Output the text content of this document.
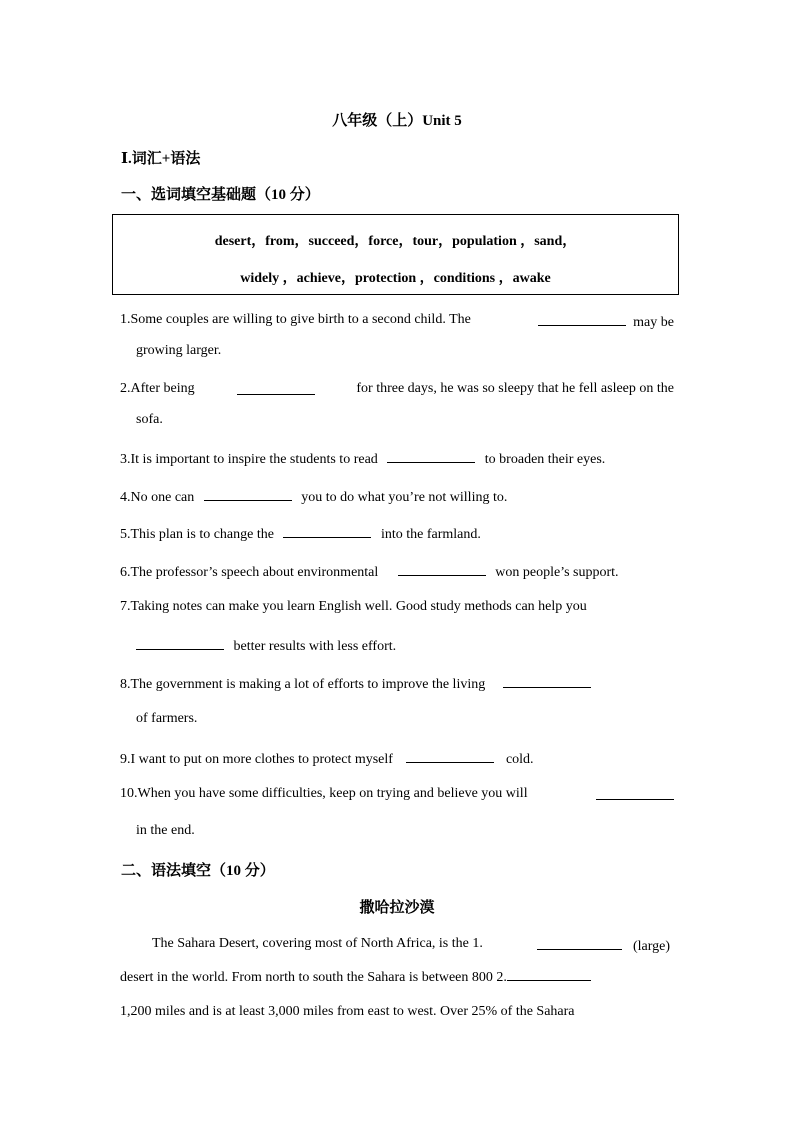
八年级（上）Unit 5
Ⅰ.词汇+语法
一、选词填空基础题（10 分）
desert，from，succeed，force，tour，population ，sand，
widely ，achieve，protection ，conditions ，awake
1.Some couples are willing to give birth to a second child. The	may be
growing larger.
2.After being	for three days, he was so sleepy that he fell asleep on the
sofa.
3.It is important to inspire the students to read	to broaden their eyes.
4.No one can	you to do what you’re not willing to.
5.This plan is to change the	into the farmland.
6.The professor’s speech about environmental	won people’s support.
7.Taking notes can make you learn English well. Good study methods can help you
better results with less effort.
8.The government is making a lot of efforts to improve the living
of farmers.
9.I want to put on more clothes to protect myself	cold.
10.When you have some difficulties, keep on trying and believe you will
in the end.
二、语法填空（10 分）
撒哈拉沙漠
The Sahara Desert, covering most of North Africa, is the 1.	(large)
desert in the world. From north to south the Sahara is between 800 2.
1,200 miles and is at least 3,000 miles from east to west. Over 25% of the Sahara
